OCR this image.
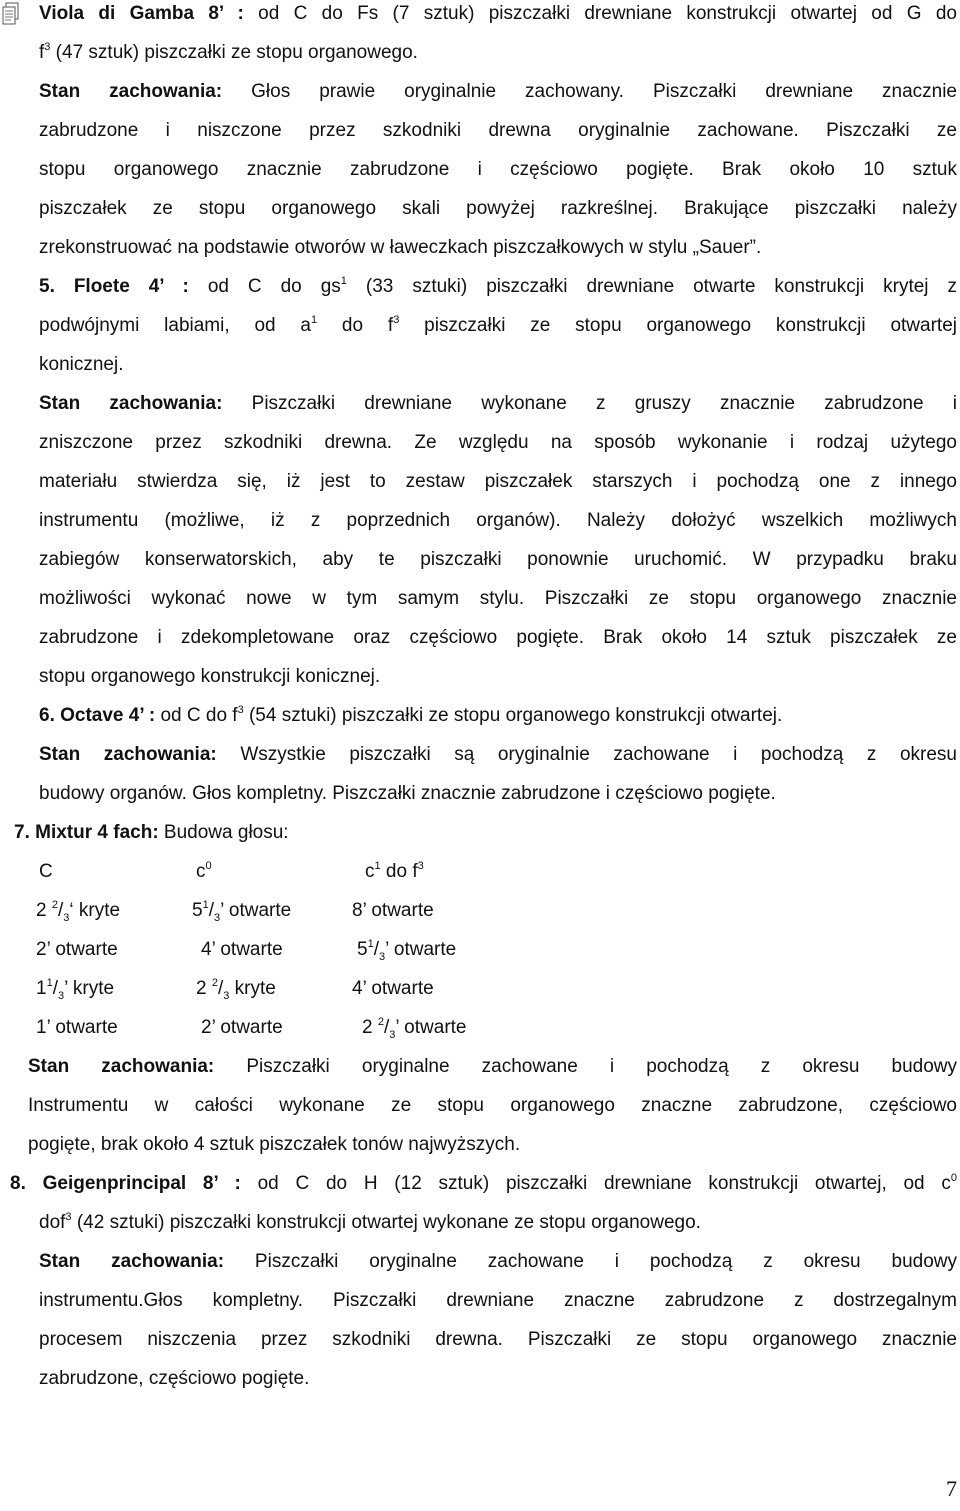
Viola di Gamba 8’ : od C do Fs (7 sztuk) piszczałki drewniane konstrukcji otwartej od G do
$f^3$ (47 sztuk) piszczałki ze stopu organowego.
Stan zachowania: Głos prawie oryginalnie zachowany. Piszczałki drewniane znacznie
zabrudzone i niszczone przez szkodniki drewna oryginalnie zachowane. Piszczałki ze
stopu organowego znacznie zabrudzone i częściowo pogięte. Brak około 10 sztuk
piszczałek ze stopu organowego skali powyżej razkreślnej. Brakujące piszczałki należy
zrekonstruować na podstawie otworów w ławeczkach piszczałkowych w stylu „Sauer”.
5. Floete 4’ : od C do $gs^1$ (33 sztuki) piszczałki drewniane otwarte konstrukcji krytej z
podwójnymi labiami, od $a^1$ do $f^3$ piszczałki ze stopu organowego konstrukcji otwartej
konicznej.
Stan zachowania: Piszczałki drewniane wykonane z gruszy znacznie zabrudzone i
zniszczone przez szkodniki drewna. Ze względu na sposób wykonanie i rodzaj użytego
materiału stwierdza się, iż jest to zestaw piszczałek starszych i pochodzą one z innego
instrumentu (możliwe, iż z poprzednich organów). Należy dołożyć wszelkich możliwych
zabiegów konserwatorskich, aby te piszczałki ponownie uruchomić. W przypadku braku
możliwości wykonać nowe w tym samym stylu. Piszczałki ze stopu organowego znacznie
zabrudzone i zdekompletowane oraz częściowo pogięte. Brak około 14 sztuk piszczałek ze
stopu organowego konstrukcji konicznej.
6. Octave 4’ : od C do $f^3$ (54 sztuki) piszczałki ze stopu organowego konstrukcji otwartej.
Stan zachowania: Wszystkie piszczałki są oryginalnie zachowane i pochodzą z okresu
budowy organów. Głos kompletny. Piszczałki znacznie zabrudzone i częściowo pogięte.
7. Mixtur 4 fach: Budowa głosu:
C	$c^0$	$c^1$ do $f^3$
2 $^2/_3‘$ kryte	$5^1/_3$’ otwarte	8’ otwarte
2’ otwarte	4’ otwarte	$5^1/_3$’ otwarte
$1^1/_3$’ kryte	2 $^2/_3$ kryte	4’ otwarte
1’ otwarte	2’ otwarte	2 $^2/_3$’ otwarte
Stan zachowania: Piszczałki oryginalne zachowane i pochodzą z okresu budowy
Instrumentu w całości wykonane ze stopu organowego znaczne zabrudzone, częściowo
pogięte, brak około 4 sztuk piszczałek tonów najwyższych.
8. Geigenprincipal 8’ : od C do H (12 sztuk) piszczałki drewniane konstrukcji otwartej, od $c^0$
dof$^3$ (42 sztuki) piszczałki konstrukcji otwartej wykonane ze stopu organowego.
Stan zachowania: Piszczałki oryginalne zachowane i pochodzą z okresu budowy
instrumentu.Głos kompletny. Piszczałki drewniane znaczne zabrudzone z dostrzegalnym
procesem niszczenia przez szkodniki drewna. Piszczałki ze stopu organowego znacznie
zabrudzone, częściowo pogięte.
7
